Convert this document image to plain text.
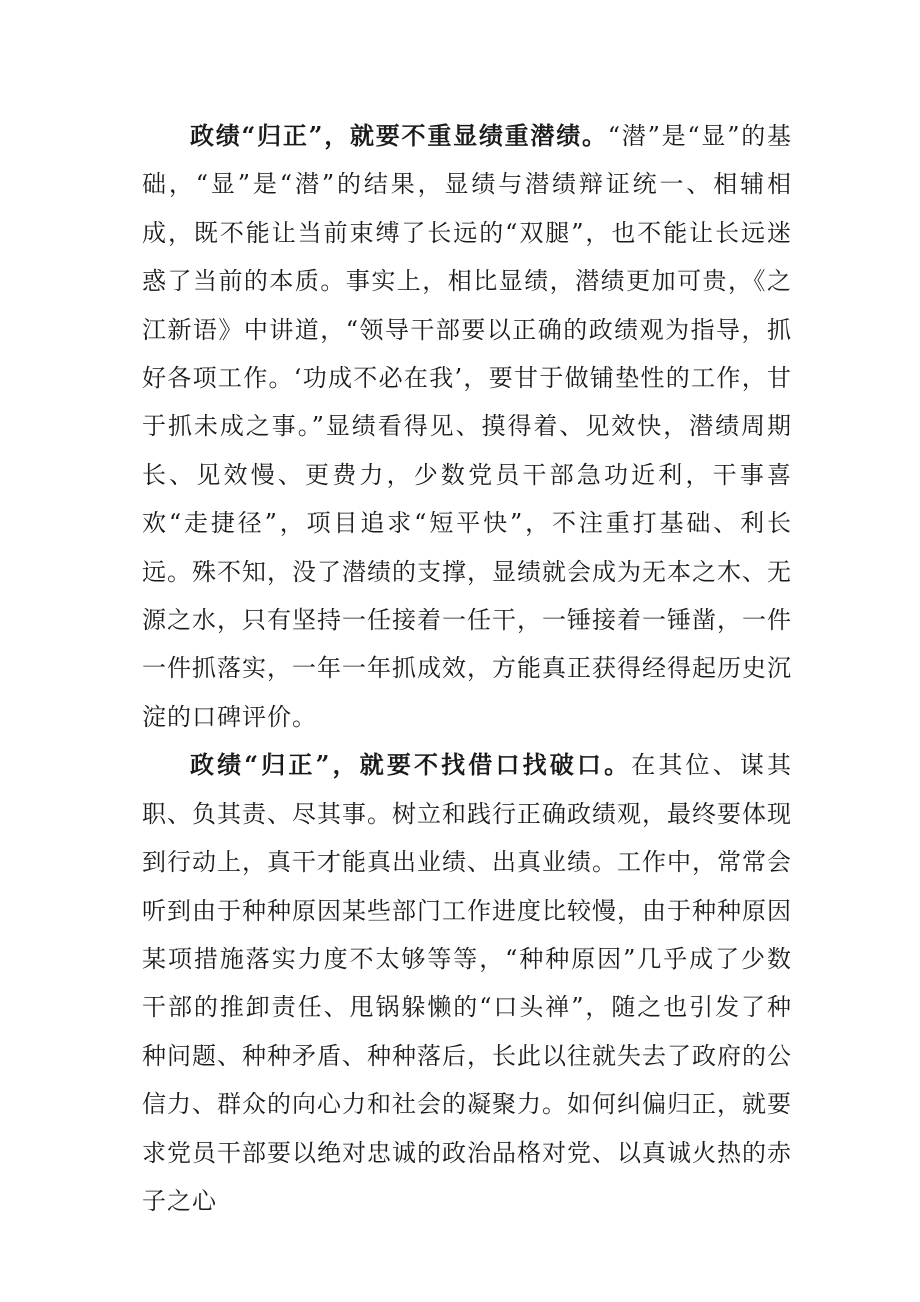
政绩“归正”，就要不重显绩重潜绩。“潜”是“显”的基础，“显”是“潜”的结果，显绩与潜绩辩证统一、相辅相成，既不能让当前束缚了长远的“双腿”，也不能让长远迷惑了当前的本质。事实上，相比显绩，潜绩更加可贵，《之江新语》中讲道，“领导干部要以正确的政绩观为指导，抓好各项工作。‘功成不必在我’，要甘于做铺垫性的工作，甘于抓未成之事。”显绩看得见、摸得着、见效快，潜绩周期长、见效慢、更费力，少数党员干部急功近利，干事喜欢“走捷径”，项目追求“短平快”，不注重打基础、利长远。殊不知，没了潜绩的支撑，显绩就会成为无本之木、无源之水，只有坚持一任接着一任干，一锤接着一锤凿，一件一件抓落实，一年一年抓成效，方能真正获得经得起历史沉淀的口碑评价。

政绩“归正”，就要不找借口找破口。在其位、谋其职、负其责、尽其事。树立和践行正确政绩观，最终要体现到行动上，真干才能真出业绩、出真业绩。工作中，常常会听到由于种种原因某些部门工作进度比较慢，由于种种原因某项措施落实力度不太够等等，“种种原因”几乎成了少数干部的推卸责任、甩锅躲懒的“口头禅”，随之也引发了种种问题、种种矛盾、种种落后，长此以往就失去了政府的公信力、群众的向心力和社会的凝聚力。如何纠偏归正，就要求党员干部要以绝对忠诚的政治品格对党、以真诚火热的赤子之心
